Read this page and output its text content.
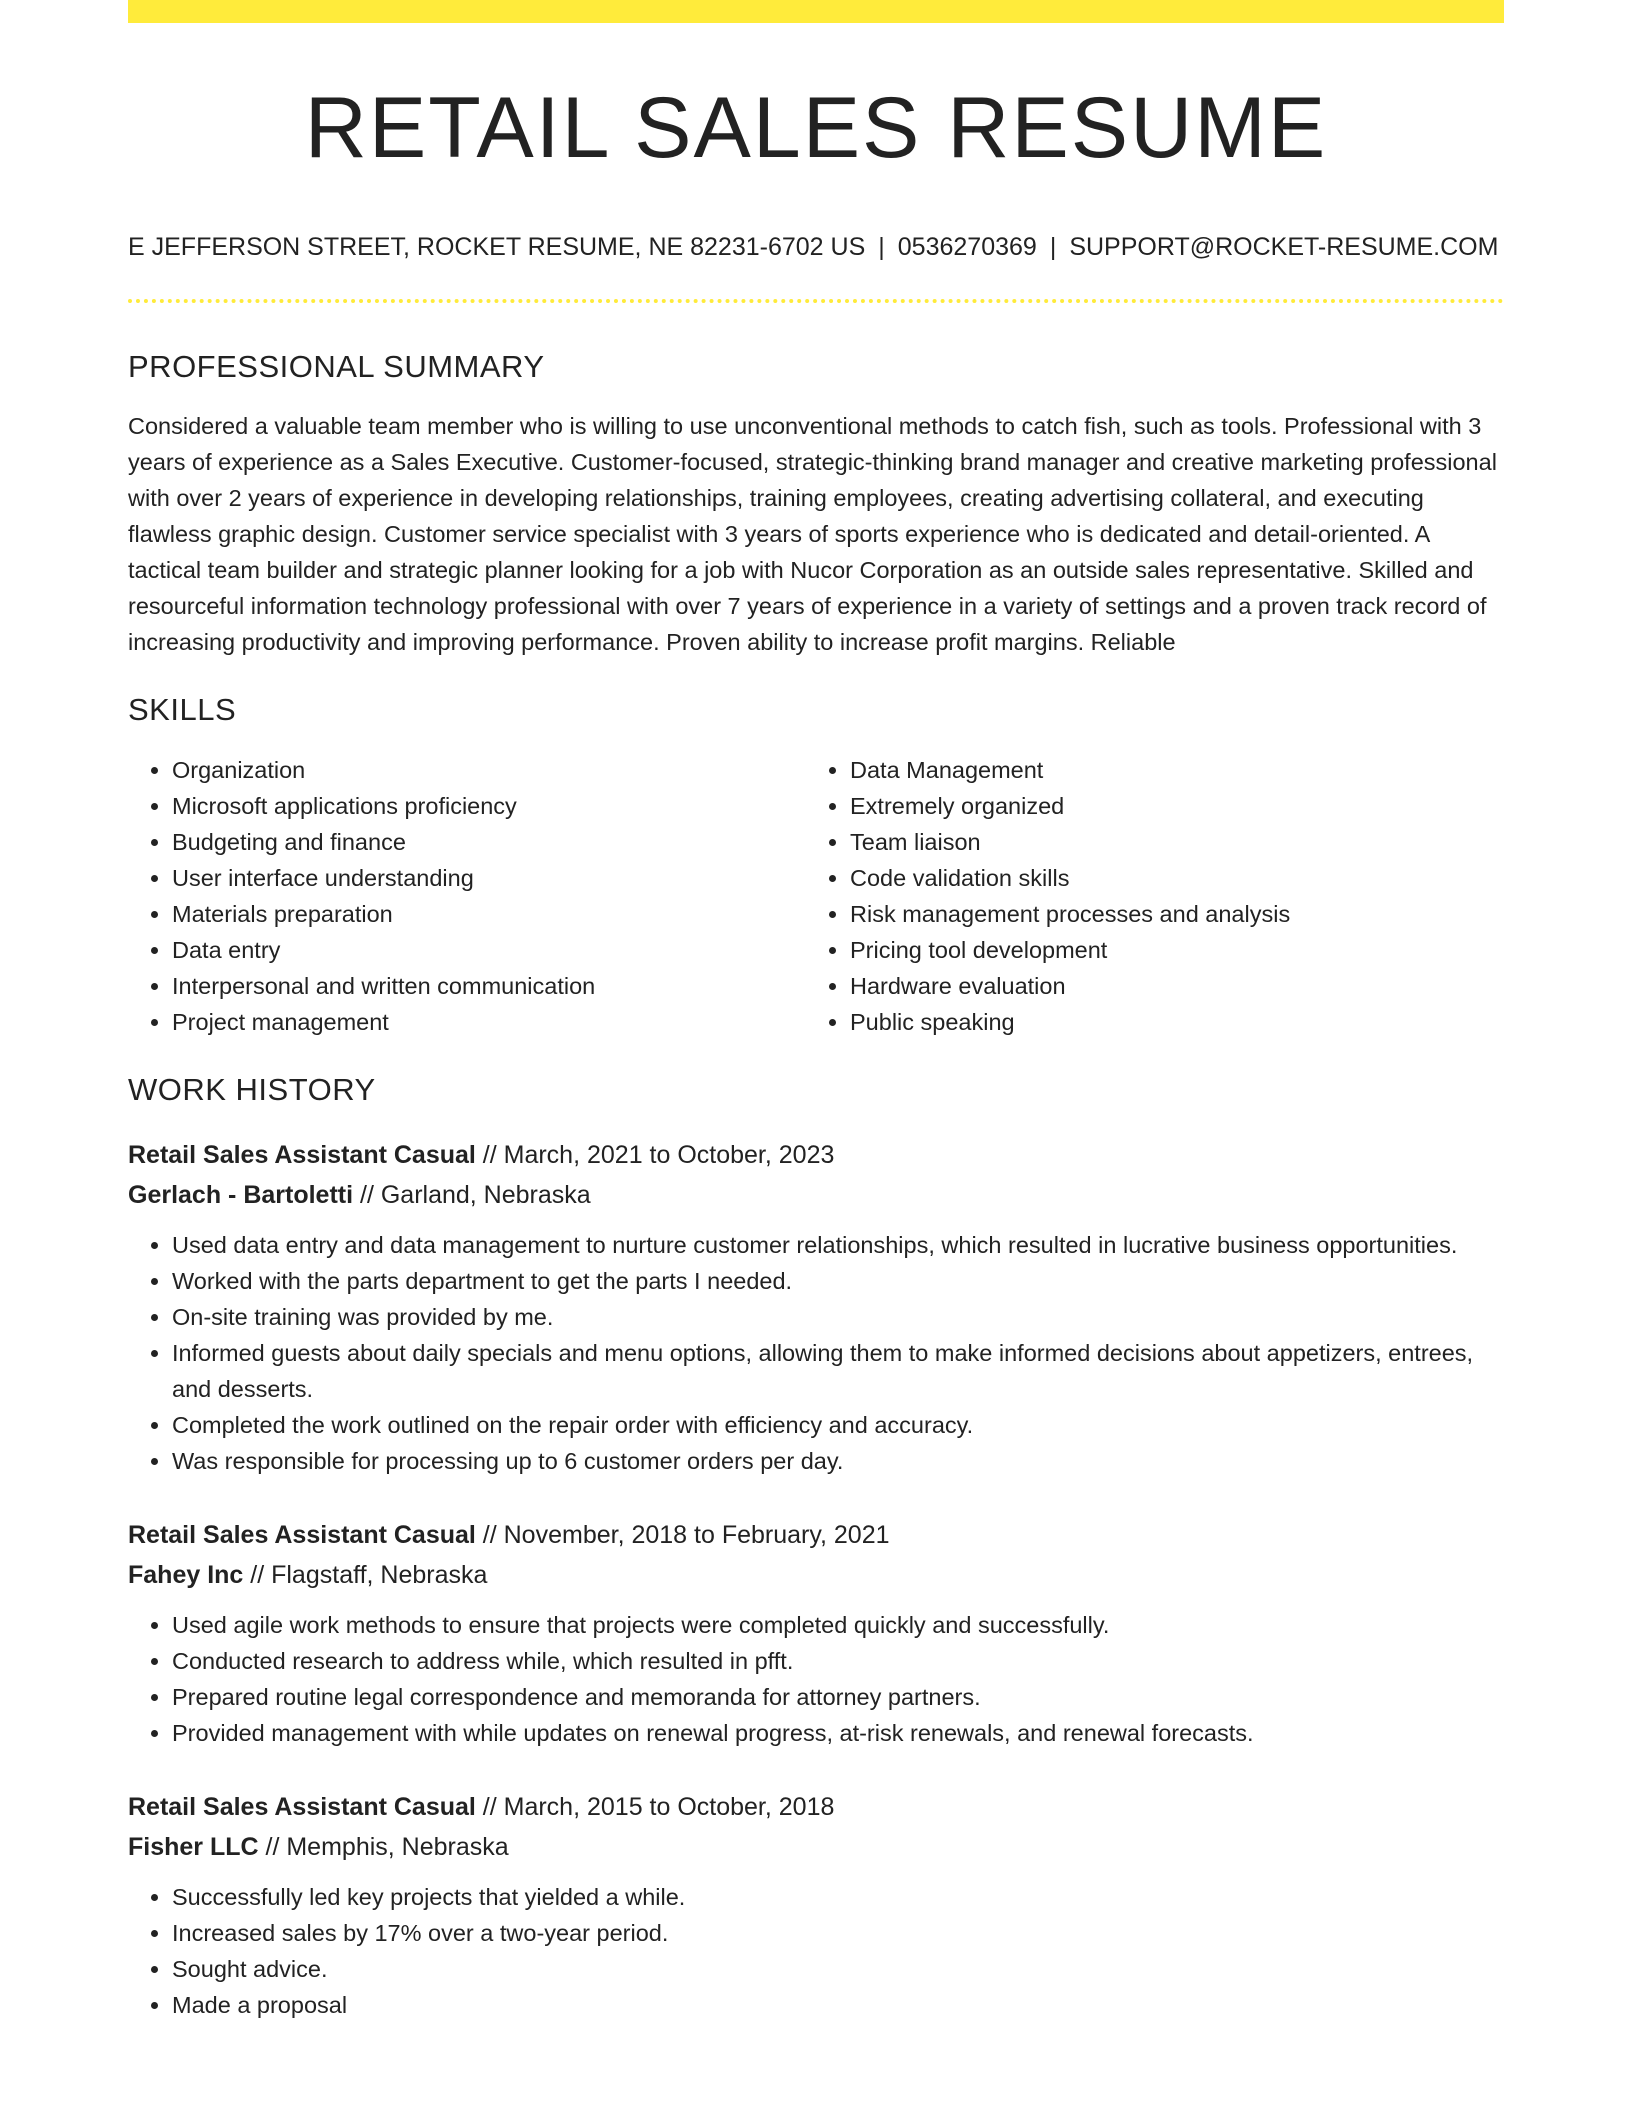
RETAIL SALES RESUME
E JEFFERSON STREET, ROCKET RESUME, NE 82231-6702 US | 0536270369 | SUPPORT@ROCKET-RESUME.COM
PROFESSIONAL SUMMARY
Considered a valuable team member who is willing to use unconventional methods to catch fish, such as tools. Professional with 3 years of experience as a Sales Executive. Customer-focused, strategic-thinking brand manager and creative marketing professional with over 2 years of experience in developing relationships, training employees, creating advertising collateral, and executing flawless graphic design. Customer service specialist with 3 years of sports experience who is dedicated and detail-oriented. A tactical team builder and strategic planner looking for a job with Nucor Corporation as an outside sales representative. Skilled and resourceful information technology professional with over 7 years of experience in a variety of settings and a proven track record of increasing productivity and improving performance. Proven ability to increase profit margins. Reliable
SKILLS
• Organization
• Microsoft applications proficiency
• Budgeting and finance
• User interface understanding
• Materials preparation
• Data entry
• Interpersonal and written communication
• Project management
• Data Management
• Extremely organized
• Team liaison
• Code validation skills
• Risk management processes and analysis
• Pricing tool development
• Hardware evaluation
• Public speaking
WORK HISTORY
Retail Sales Assistant Casual // March, 2021 to October, 2023
Gerlach - Bartoletti // Garland, Nebraska
• Used data entry and data management to nurture customer relationships, which resulted in lucrative business opportunities.
• Worked with the parts department to get the parts I needed.
• On-site training was provided by me.
• Informed guests about daily specials and menu options, allowing them to make informed decisions about appetizers, entrees, and desserts.
• Completed the work outlined on the repair order with efficiency and accuracy.
• Was responsible for processing up to 6 customer orders per day.
Retail Sales Assistant Casual // November, 2018 to February, 2021
Fahey Inc // Flagstaff, Nebraska
• Used agile work methods to ensure that projects were completed quickly and successfully.
• Conducted research to address while, which resulted in pfft.
• Prepared routine legal correspondence and memoranda for attorney partners.
• Provided management with while updates on renewal progress, at-risk renewals, and renewal forecasts.
Retail Sales Assistant Casual // March, 2015 to October, 2018
Fisher LLC // Memphis, Nebraska
• Successfully led key projects that yielded a while.
• Increased sales by 17% over a two-year period.
• Sought advice.
• Made a proposal
